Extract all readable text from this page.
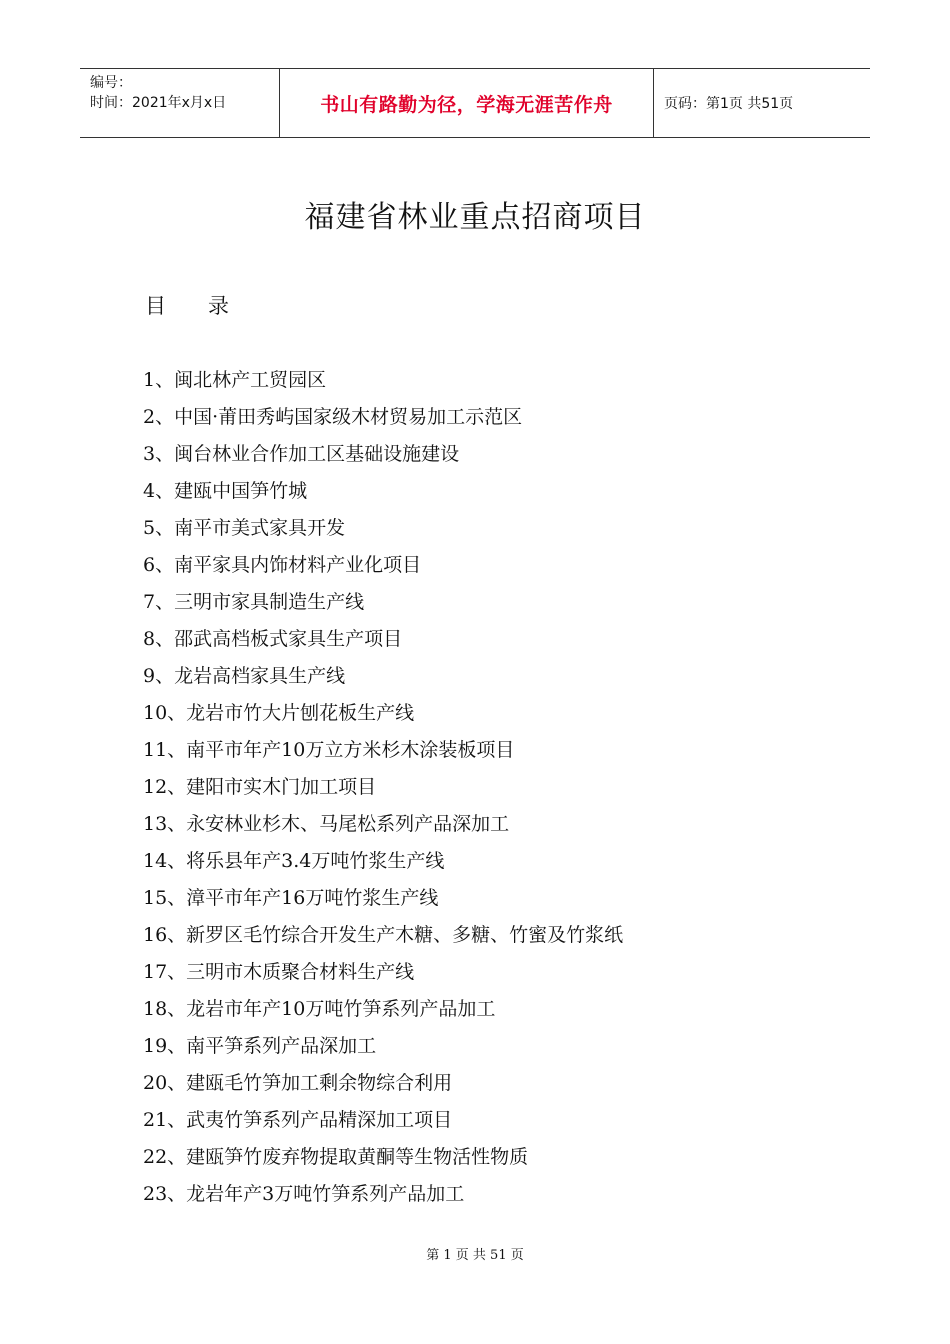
编号：
时间：2021年x月x日	书山有路勤为径，学海无涯苦作舟	页码：第1页 共51页
福建省林业重点招商项目
目 录
1、闽北林产工贸园区
2、中国·莆田秀屿国家级木材贸易加工示范区
3、闽台林业合作加工区基础设施建设
4、建瓯中国笋竹城
5、南平市美式家具开发
6、南平家具内饰材料产业化项目
7、三明市家具制造生产线
8、邵武高档板式家具生产项目
9、龙岩高档家具生产线
10、龙岩市竹大片刨花板生产线
11、南平市年产10万立方米杉木涂装板项目
12、建阳市实木门加工项目
13、永安林业杉木、马尾松系列产品深加工
14、将乐县年产3.4万吨竹浆生产线
15、漳平市年产16万吨竹浆生产线
16、新罗区毛竹综合开发生产木糖、多糖、竹蜜及竹浆纸
17、三明市木质聚合材料生产线
18、龙岩市年产10万吨竹笋系列产品加工
19、南平笋系列产品深加工
20、建瓯毛竹笋加工剩余物综合利用
21、武夷竹笋系列产品精深加工项目
22、建瓯笋竹废弃物提取黄酮等生物活性物质
23、龙岩年产3万吨竹笋系列产品加工
第 1 页 共 51 页
